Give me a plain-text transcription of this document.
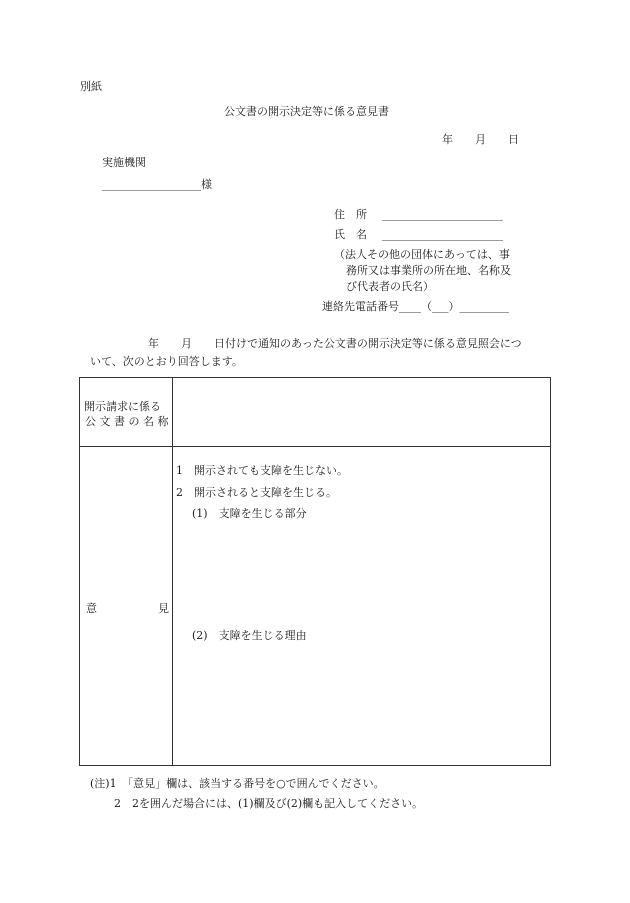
別紙
公文書の開示決定等に係る意見書
年　　月　　日
実施機関
__________________様
住　所 ______________________
氏　名 ______________________
（法人その他の団体にあっては、事
務所又は事業所の所在地、名称及
び代表者の氏名）
連絡先電話番号____（___）_________
年　　月　　日付けで通知のあった公文書の開示決定等に係る意見照会につ
いて、次のとおり回答します。
開示請求に係る
公 文 書 の 名 称
意	見
1　開示されても支障を生じない。
2　開示されると支障を生じる。
(1)　支障を生じる部分
(2)　支障を生じる理由
(注)1　「意見」欄は、該当する番号を○で囲んでください。
2　2を囲んだ場合には、(1)欄及び(2)欄も記入してください。
